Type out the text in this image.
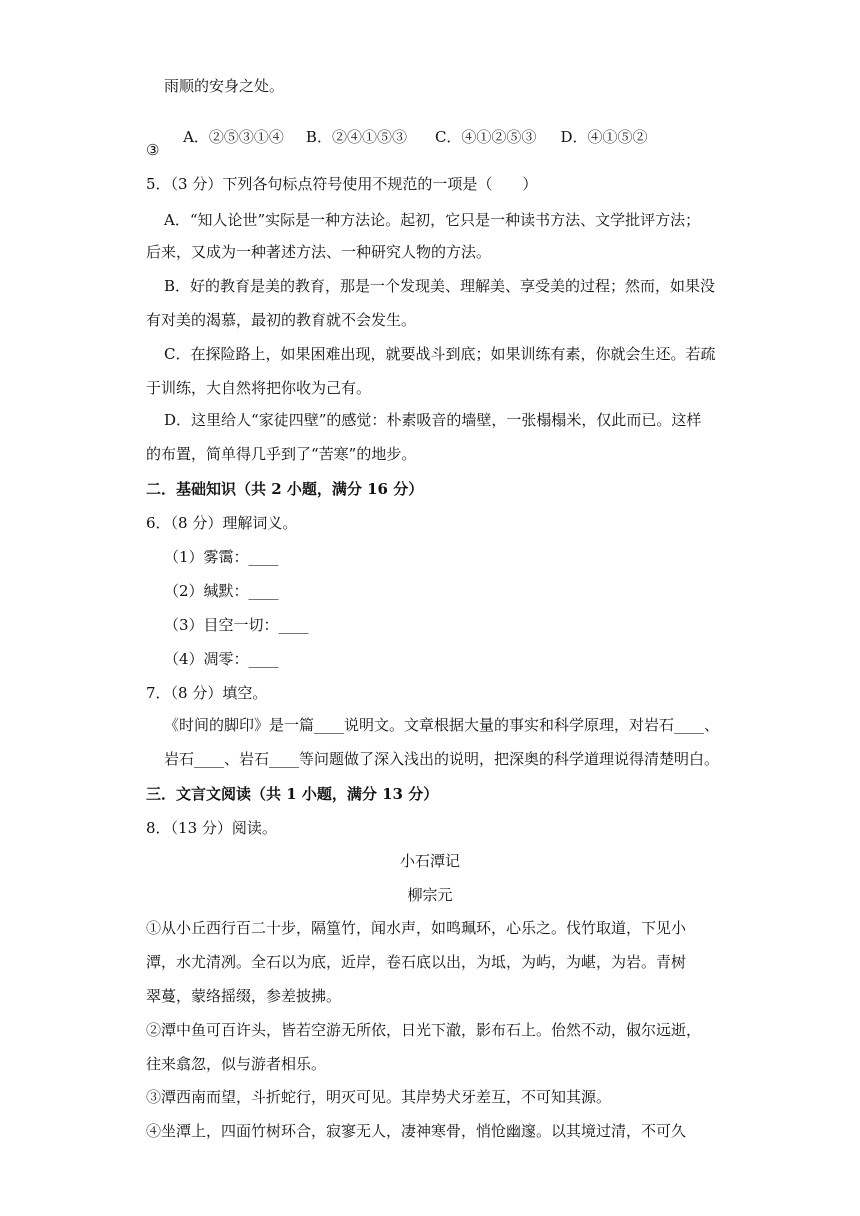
雨顺的安身之处。

A．②⑤③①④ B．②④①⑤③ C．④①②⑤③ D．④①⑤②

③
5．（3 分）下列各句标点符号使用不规范的一项是（　　）
A．“知人论世”实际是一种方法论。起初，它只是一种读书方法、文学批评方法；
后来，又成为一种著述方法、一种研究人物的方法。
B．好的教育是美的教育，那是一个发现美、理解美、享受美的过程；然而，如果没
有对美的渴慕，最初的教育就不会发生。
C．在探险路上，如果困难出现，就要战斗到底；如果训练有素，你就会生还。若疏
于训练，大自然将把你收为己有。
D．这里给人“家徒四壁”的感觉：朴素吸音的墙壁，一张榻榻米，仅此而已。这样
的布置，简单得几乎到了“苦寒”的地步。
二．基础知识（共 2 小题，满分 16 分）
6．（8 分）理解词义。
（1）雾霭：____
（2）缄默：____
（3）目空一切：____
（4）凋零：____
7．（8 分）填空。
《时间的脚印》是一篇____说明文。文章根据大量的事实和科学原理，对岩石____、
岩石____、岩石____等问题做了深入浅出的说明，把深奥的科学道理说得清楚明白。
三．文言文阅读（共 1 小题，满分 13 分）
8．（13 分）阅读。
小石潭记
柳宗元
①从小丘西行百二十步，隔篁竹，闻水声，如鸣珮环，心乐之。伐竹取道，下见小
潭，水尤清冽。全石以为底，近岸，卷石底以出，为坻，为屿，为嵁，为岩。青树
翠蔓，蒙络摇缀，参差披拂。
②潭中鱼可百许头，皆若空游无所依，日光下澈，影布石上。佁然不动，俶尔远逝，
往来翕忽，似与游者相乐。
③潭西南而望，斗折蛇行，明灭可见。其岸势犬牙差互，不可知其源。
④坐潭上，四面竹树环合，寂寥无人，凄神寒骨，悄怆幽邃。以其境过清，不可久
